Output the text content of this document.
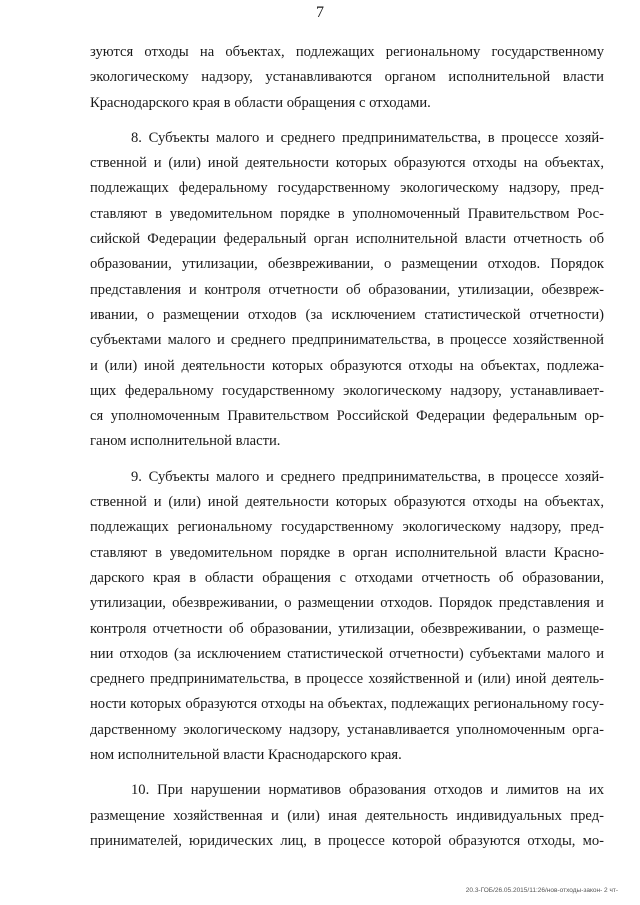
7

зуются отходы на объектах, подлежащих региональному государственному
экологическому надзору, устанавливаются органом исполнительной власти
Краснодарского края в области обращения с отходами.

8. Субъекты малого и среднего предпринимательства, в процессе хозяй-
ственной и (или) иной деятельности которых образуются отходы на объектах,
подлежащих федеральному государственному экологическому надзору, пред-
ставляют в уведомительном порядке в уполномоченный Правительством Рос-
сийской Федерации федеральный орган исполнительной власти отчетность об
образовании, утилизации, обезвреживании, о размещении отходов. Порядок
представления и контроля отчетности об образовании, утилизации, обезвреж-
ивании, о размещении отходов (за исключением статистической отчетности)
субъектами малого и среднего предпринимательства, в процессе хозяйственной
и (или) иной деятельности которых образуются отходы на объектах, подлежа-
щих федеральному государственному экологическому надзору, устанавливает-
ся уполномоченным Правительством Российской Федерации федеральным ор-
ганом исполнительной власти.

9. Субъекты малого и среднего предпринимательства, в процессе хозяй-
ственной и (или) иной деятельности которых образуются отходы на объектах,
подлежащих региональному государственному экологическому надзору, пред-
ставляют в уведомительном порядке в орган исполнительной власти Красно-
дарского края в области обращения с отходами отчетность об образовании,
утилизации, обезвреживании, о размещении отходов. Порядок представления и
контроля отчетности об образовании, утилизации, обезвреживании, о размеще-
нии отходов (за исключением статистической отчетности) субъектами малого и
среднего предпринимательства, в процессе хозяйственной и (или) иной деятель-
ности которых образуются отходы на объектах, подлежащих региональному госу-
дарственному экологическому надзору, устанавливается уполномоченным орга-
ном исполнительной власти Краснодарского края.

10. При нарушении нормативов образования отходов и лимитов на их
размещение хозяйственная и (или) иная деятельность индивидуальных пред-
принимателей, юридических лиц, в процессе которой образуются отходы, мо-

20.3-ГОБ/26.05.2015/11:26/нов-отходы-закон- 2 чт-
